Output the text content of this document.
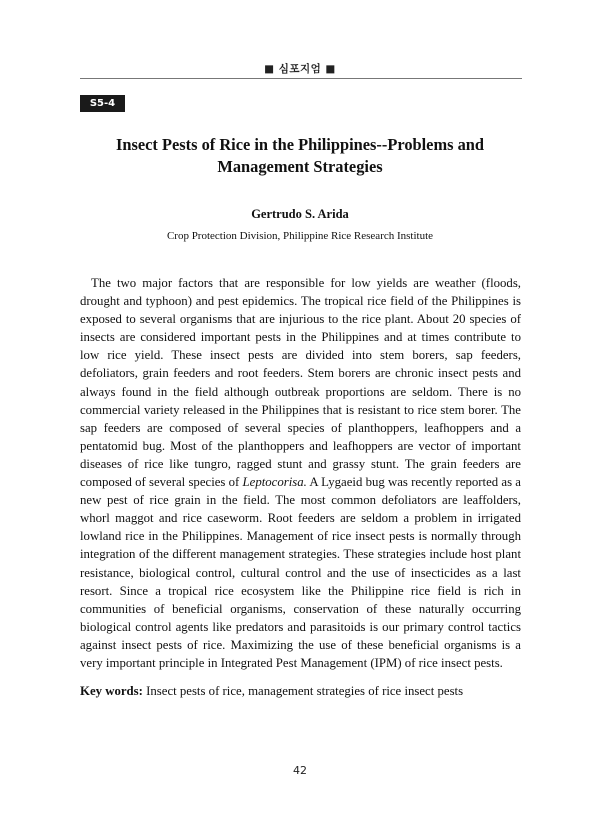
■ 심포지엄 ■
S5-4
Insect Pests of Rice in the Philippines--Problems and Management Strategies
Gertrudo S. Arida
Crop Protection Division, Philippine Rice Research Institute

The two major factors that are responsible for low yields are weather (floods, drought and typhoon) and pest epidemics. The tropical rice field of the Philippines is exposed to several organisms that are injurious to the rice plant. About 20 species of insects are considered important pests in the Philippines and at times contribute to low rice yield. These insect pests are divided into stem borers, sap feeders, defoliators, grain feeders and root feeders. Stem borers are chronic insect pests and always found in the field although outbreak proportions are seldom. There is no commercial variety released in the Philippines that is resistant to rice stem borer. The sap feeders are composed of several species of planthoppers, leafhoppers and a pentatomid bug. Most of the planthoppers and leafhoppers are vector of important diseases of rice like tungro, ragged stunt and grassy stunt. The grain feeders are composed of several species of Leptocorisa. A Lygaeid bug was recently reported as a new pest of rice grain in the field. The most common defoliators are leaffolders, whorl maggot and rice caseworm. Root feeders are seldom a problem in irrigated lowland rice in the Philippines. Management of rice insect pests is normally through integration of the different management strategies. These strategies include host plant resistance, biological control, cultural control and the use of insecticides as a last resort. Since a tropical rice ecosystem like the Philippine rice field is rich in communities of beneficial organisms, conservation of these naturally occurring biological control agents like predators and parasitoids is our primary control tactics against insect pests of rice. Maximizing the use of these beneficial organisms is a very important principle in Integrated Pest Management (IPM) of rice insect pests.

Key words: Insect pests of rice, management strategies of rice insect pests

42
